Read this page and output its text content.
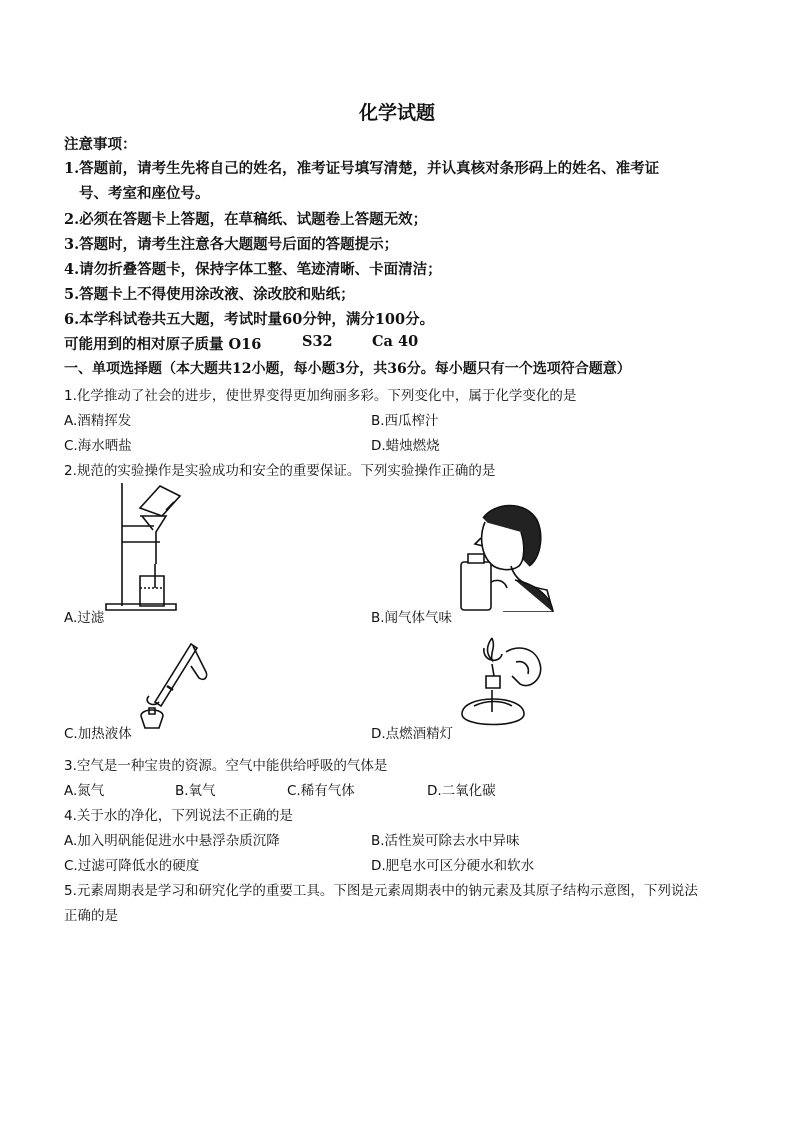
化学试题
注意事项：
1.答题前，请考生先将自己的姓名，准考证号填写清楚，并认真核对条形码上的姓名、准考证
号、考室和座位号。
2.必须在答题卡上答题，在草稿纸、试题卷上答题无效；
3.答题时，请考生注意各大题题号后面的答题提示；
4.请勿折叠答题卡，保持字体工整、笔迹清晰、卡面清洁；
5.答题卡上不得使用涂改液、涂改胶和贴纸；
6.本学科试卷共五大题，考试时量60分钟，满分100分。
可能用到的相对原子质量 O16	S32	Ca 40
一、单项选择题（本大题共12小题，每小题3分，共36分。每小题只有一个选项符合题意）
1.化学推动了社会的进步，使世界变得更加绚丽多彩。下列变化中，属于化学变化的是
A.酒精挥发	B.西瓜榨汁
C.海水晒盐	D.蜡烛燃烧
2.规范的实验操作是实验成功和安全的重要保证。下列实验操作正确的是
A.过滤	B.闻气体气味
C.加热液体	D.点燃酒精灯
3.空气是一种宝贵的资源。空气中能供给呼吸的气体是
A.氮气	B.氧气	C.稀有气体	D.二氧化碳
4.关于水的净化，下列说法不正确的是
A.加入明矾能促进水中悬浮杂质沉降	B.活性炭可除去水中异味
C.过滤可降低水的硬度	D.肥皂水可区分硬水和软水
5.元素周期表是学习和研究化学的重要工具。下图是元素周期表中的钠元素及其原子结构示意图，下列说法
正确的是
